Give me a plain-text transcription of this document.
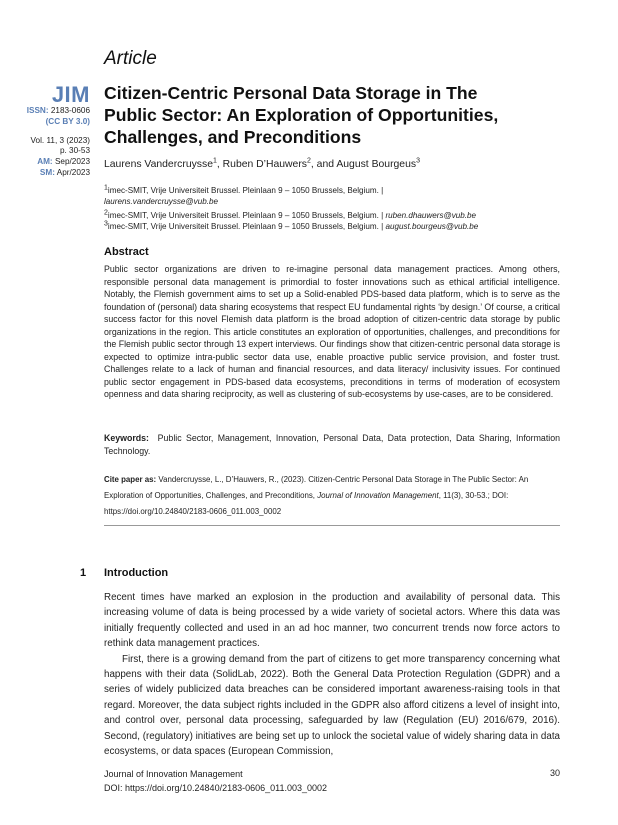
Article
JIM
ISSN: 2183-0606
(CC BY 3.0)
Vol. 11, 3 (2023)
p. 30-53
AM: Sep/2023
SM: Apr/2023
Citizen-Centric Personal Data Storage in The Public Sector: An Exploration of Opportunities, Challenges, and Preconditions
Laurens Vandercruysse$^1$, Ruben D’Hauwers$^2$, and August Bourgeus$^3$
$^1$imec-SMIT, Vrije Universiteit Brussel. Pleinlaan 9 – 1050 Brussels, Belgium. |
laurens.vandercruysse@vub.be
$^2$imec-SMIT, Vrije Universiteit Brussel. Pleinlaan 9 – 1050 Brussels, Belgium. | ruben.dhauwers@vub.be
$^3$imec-SMIT, Vrije Universiteit Brussel. Pleinlaan 9 – 1050 Brussels, Belgium. | august.bourgeus@vub.be
Abstract
Public sector organizations are driven to re-imagine personal data management practices. Among others, responsible personal data management is primordial to foster innovations such as ethical artificial intelligence. Notably, the Flemish government aims to set up a Solid-enabled PDS-based data platform, which is to serve as the foundation of (personal) data sharing ecosystems that respect EU fundamental rights ‘by design.’ Of course, a critical success factor for this novel Flemish data platform is the broad adoption of citizen-centric data storage by public organizations in the region. This article constitutes an exploration of opportunities, challenges, and preconditions for the Flemish public sector through 13 expert interviews. Our findings show that citizen-centric personal data storage is expected to optimize intra-public sector data use, enable proactive public service provision, and foster trust. Challenges relate to a lack of human and financial resources, and data literacy/ inclusivity issues. For continued public sector engagement in PDS-based data ecosystems, preconditions in terms of moderation of ecosystem openness and data sharing reciprocity, as well as clustering of sub-ecosystems by use-cases, are to be considered.
Keywords: Public Sector, Management, Innovation, Personal Data, Data protection, Data Sharing, Information Technology.
Cite paper as: Vandercruysse, L., D’Hauwers, R., (2023). Citizen-Centric Personal Data Storage in The Public Sector: An Exploration of Opportunities, Challenges, and Preconditions, Journal of Innovation Management, 11(3), 30-53.; DOI: https://doi.org/10.24840/2183-0606_011.003_0002
1 Introduction

Recent times have marked an explosion in the production and availability of personal data. This increasing volume of data is being processed by a wide variety of societal actors. Where this data was initially frequently collected and used in an ad hoc manner, two concurrent trends now force actors to rethink data management practices.

First, there is a growing demand from the part of citizens to get more transparency concerning what happens with their data (SolidLab, 2022). Both the General Data Protection Regulation (GDPR) and a series of widely publicized data breaches can be considered important awareness-raising tools in that regard. Moreover, the data subject rights included in the GDPR also afford citizens a level of insight into, and control over, personal data processing, safeguarded by law (Regulation (EU) 2016/679, 2016). Second, (regulatory) initiatives are being set up to unlock the societal value of widely sharing data in data ecosystems, or data spaces (European Commission,

Journal of Innovation Management
DOI: https://doi.org/10.24840/2183-0606_011.003_0002
30
